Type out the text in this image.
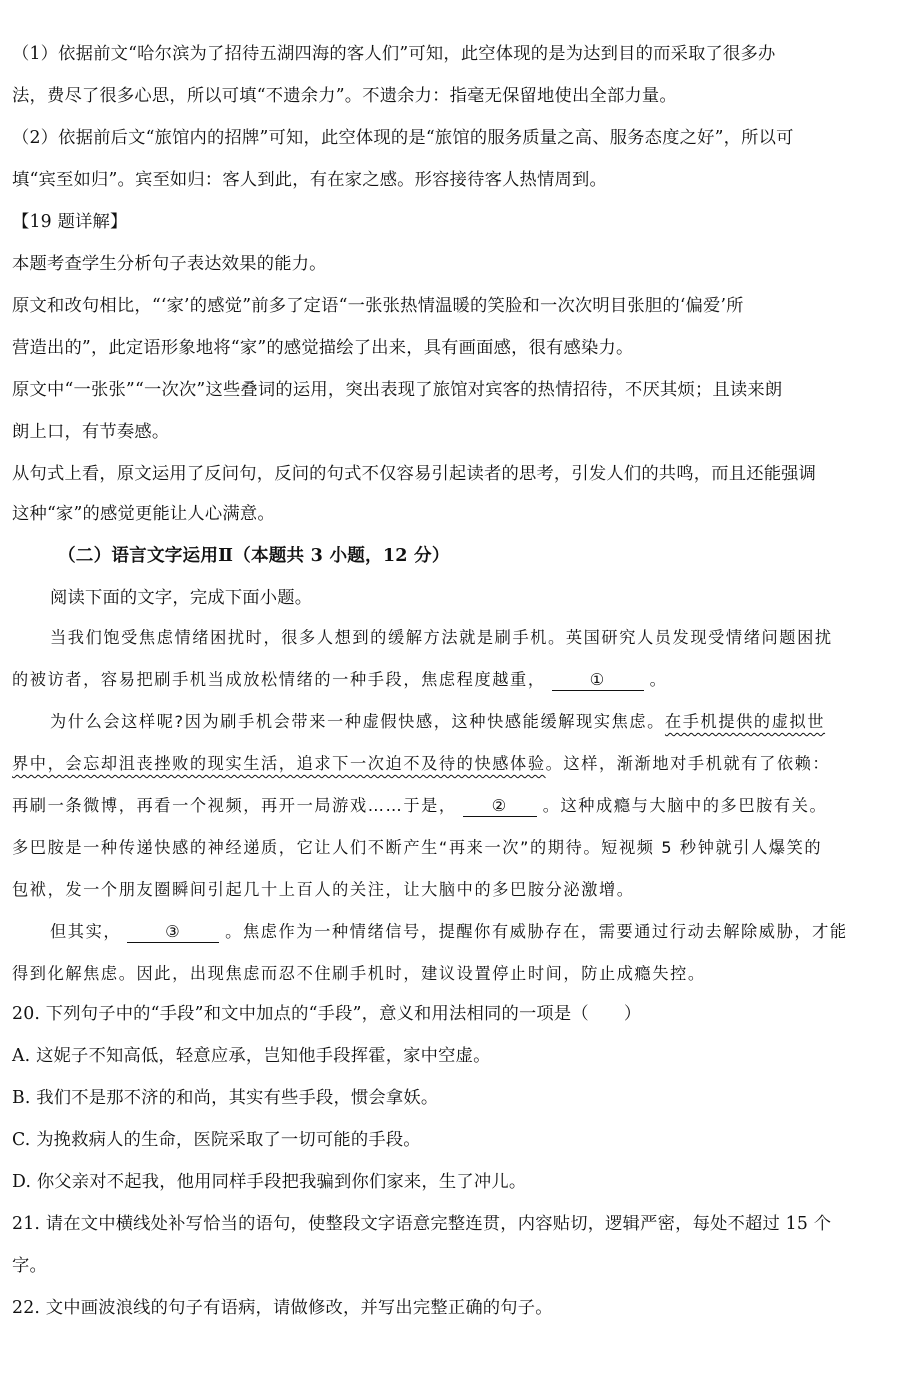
（1）依据前文“哈尔滨为了招待五湖四海的客人们”可知，此空体现的是为达到目的而采取了很多办
法，费尽了很多心思，所以可填“不遗余力”。不遗余力：指毫无保留地使出全部力量。
（2）依据前后文“旅馆内的招牌”可知，此空体现的是“旅馆的服务质量之高、服务态度之好”，所以可
填“宾至如归”。宾至如归：客人到此，有在家之感。形容接待客人热情周到。
【19 题详解】
本题考查学生分析句子表达效果的能力。
原文和改句相比，“‘家’的感觉”前多了定语“一张张热情温暖的笑脸和一次次明目张胆的‘偏爱’所
营造出的”，此定语形象地将“家”的感觉描绘了出来，具有画面感，很有感染力。
原文中“一张张”“一次次”这些叠词的运用，突出表现了旅馆对宾客的热情招待，不厌其烦；且读来朗
朗上口，有节奏感。
从句式上看，原文运用了反问句，反问的句式不仅容易引起读者的思考，引发人们的共鸣，而且还能强调
这种“家”的感觉更能让人心满意。
（二）语言文字运用Ⅱ（本题共 3 小题，12 分）
阅读下面的文字，完成下面小题。
当我们饱受焦虑情绪困扰时，很多人想到的缓解方法就是刷手机。英国研究人员发现受情绪问题困扰
的被访者，容易把刷手机当成放松情绪的一种手段，焦虑程度越重，	①	。
为什么会这样呢?因为刷手机会带来一种虚假快感，这种快感能缓解现实焦虑。在手机提供的虚拟世
界中，会忘却沮丧挫败的现实生活，追求下一次迫不及待的快感体验。这样，渐渐地对手机就有了依赖：
再刷一条微博，再看一个视频，再开一局游戏……于是， ② 。这种成瘾与大脑中的多巴胺有关。
多巴胺是一种传递快感的神经递质，它让人们不断产生“再来一次”的期待。短视频 5 秒钟就引人爆笑的
包袱，发一个朋友圈瞬间引起几十上百人的关注，让大脑中的多巴胺分泌激增。
但其实，	③	。焦虑作为一种情绪信号，提醒你有威胁存在，需要通过行动去解除威胁，才能
得到化解焦虑。因此，出现焦虑而忍不住刷手机时，建议设置停止时间，防止成瘾失控。
20. 下列句子中的“手段”和文中加点的“手段”，意义和用法相同的一项是（　　）
A. 这妮子不知高低，轻意应承，岂知他手段挥霍，家中空虚。
B. 我们不是那不济的和尚，其实有些手段，惯会拿妖。
C. 为挽救病人的生命，医院采取了一切可能的手段。
D. 你父亲对不起我，他用同样手段把我骗到你们家来，生了冲儿。
21. 请在文中横线处补写恰当的语句，使整段文字语意完整连贯，内容贴切，逻辑严密，每处不超过 15 个
字。
22. 文中画波浪线的句子有语病，请做修改，并写出完整正确的句子。
